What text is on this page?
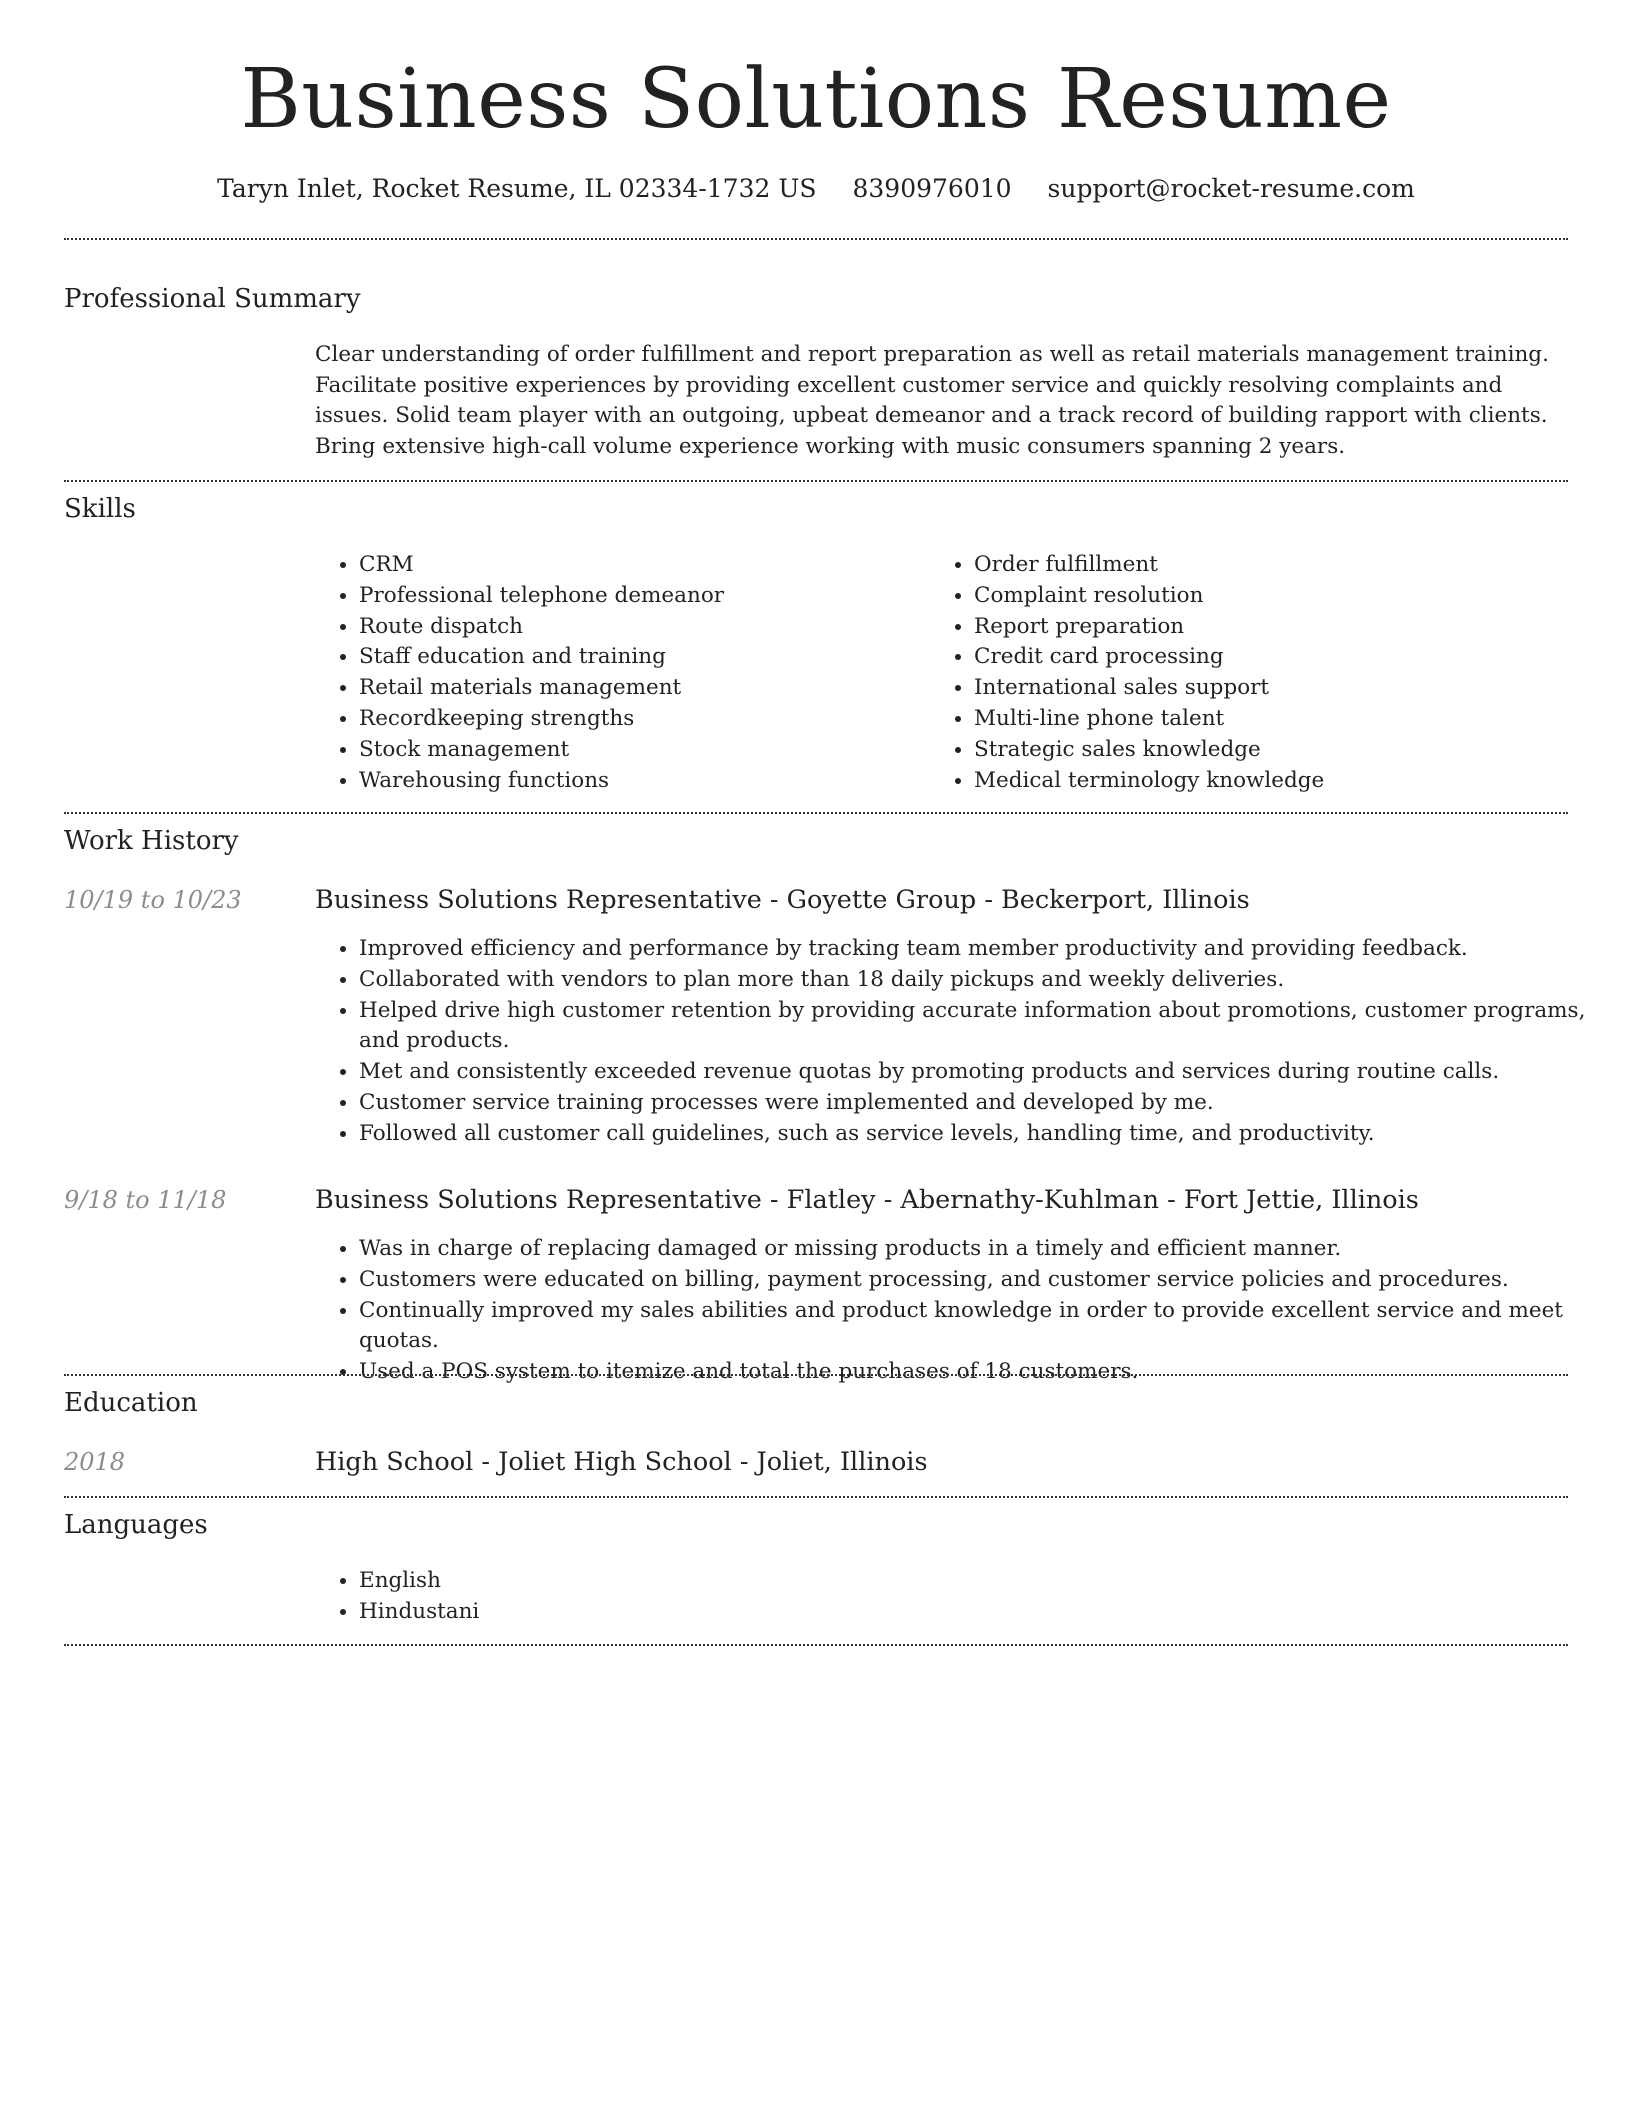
Business Solutions Resume
Taryn Inlet, Rocket Resume, IL 02334-1732 US 8390976010 support@rocket-resume.com
Professional Summary

Clear understanding of order fulfillment and report preparation as well as retail materials management training. Facilitate positive experiences by providing excellent customer service and quickly resolving complaints and issues. Solid team player with an outgoing, upbeat demeanor and a track record of building rapport with clients. Bring extensive high-call volume experience working with music consumers spanning 2 years.

Skills
• CRM
• Professional telephone demeanor
• Route dispatch
• Staff education and training
• Retail materials management
• Recordkeeping strengths
• Stock management
• Warehousing functions
• Order fulfillment
• Complaint resolution
• Report preparation
• Credit card processing
• International sales support
• Multi-line phone talent
• Strategic sales knowledge
• Medical terminology knowledge
Work History
10/19 to 10/23	Business Solutions Representative - Goyette Group - Beckerport, Illinois
• Improved efficiency and performance by tracking team member productivity and providing feedback.
• Collaborated with vendors to plan more than 18 daily pickups and weekly deliveries.
• Helped drive high customer retention by providing accurate information about promotions, customer programs, and products.
• Met and consistently exceeded revenue quotas by promoting products and services during routine calls.
• Customer service training processes were implemented and developed by me.
• Followed all customer call guidelines, such as service levels, handling time, and productivity.
9/18 to 11/18	Business Solutions Representative - Flatley - Abernathy-Kuhlman - Fort Jettie, Illinois
• Was in charge of replacing damaged or missing products in a timely and efficient manner.
• Customers were educated on billing, payment processing, and customer service policies and procedures.
• Continually improved my sales abilities and product knowledge in order to provide excellent service and meet quotas.
• Used a POS system to itemize and total the purchases of 18 customers.
Education
2018	High School - Joliet High School - Joliet, Illinois
Languages
• English
• Hindustani
